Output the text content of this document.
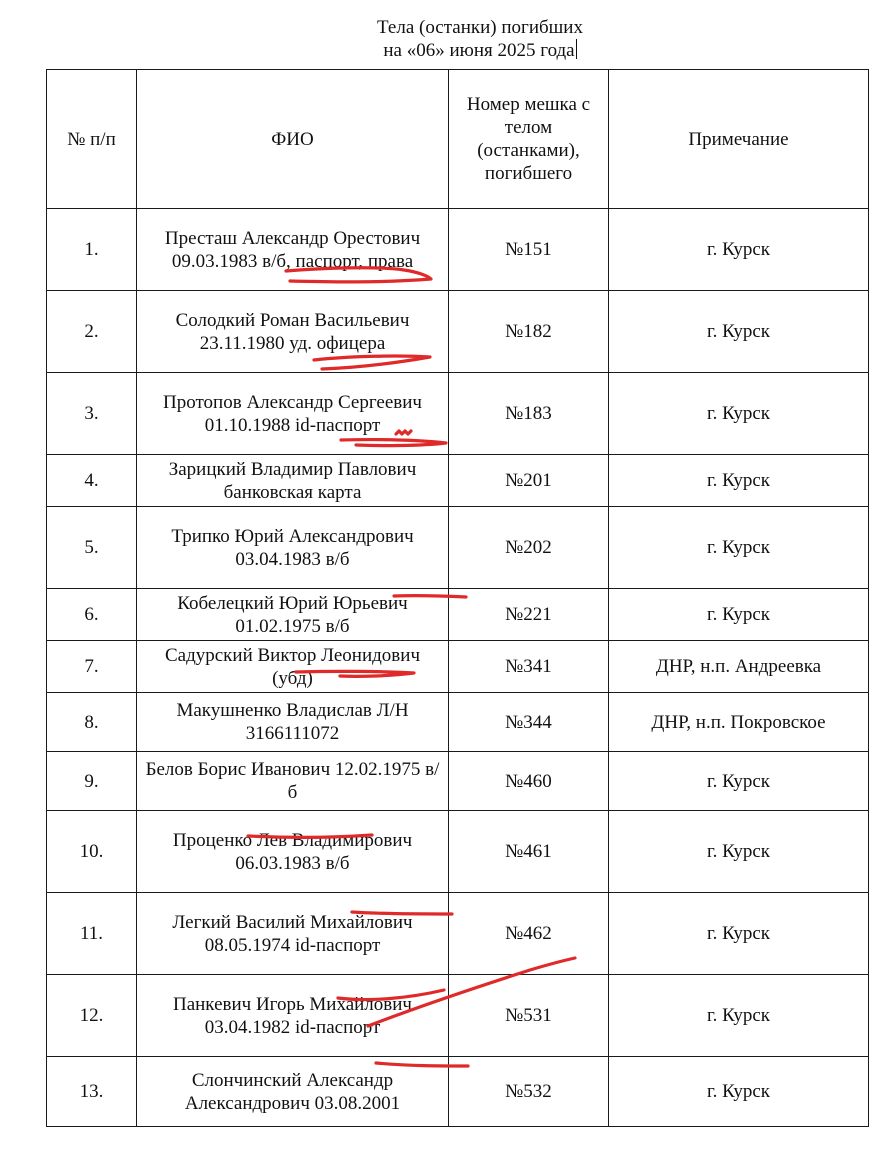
Тела (останки) погибших
на «06» июня 2025 года
№ п/п	ФИО	Номер мешка с телом (останками), погибшего	Примечание
1.	Престаш Александр Орестович 09.03.1983 в/б, паспорт, права	№151	г. Курск
2.	Солодкий Роман Васильевич 23.11.1980 уд. офицера	№182	г. Курск
3.	Протопов Александр Сергеевич 01.10.1988 id-паспорт	№183	г. Курск
4.	Зарицкий Владимир Павлович банковская карта	№201	г. Курск
5.	Трипко Юрий Александрович 03.04.1983 в/б	№202	г. Курск
6.	Кобелецкий Юрий Юрьевич 01.02.1975 в/б	№221	г. Курск
7.	Садурский Виктор Леонидович (убд)	№341	ДНР, н.п. Андреевка
8.	Макушненко Владислав Л/Н 3166111072	№344	ДНР, н.п. Покровское
9.	Белов Борис Иванович 12.02.1975 в/б	№460	г. Курск
10.	Проценко Лев Владимирович 06.03.1983 в/б	№461	г. Курск
11.	Легкий Василий Михайлович 08.05.1974 id-паспорт	№462	г. Курск
12.	Панкевич Игорь Михайлович 03.04.1982 id-паспорт	№531	г. Курск
13.	Слончинский Александр Александрович 03.08.2001	№532	г. Курск
